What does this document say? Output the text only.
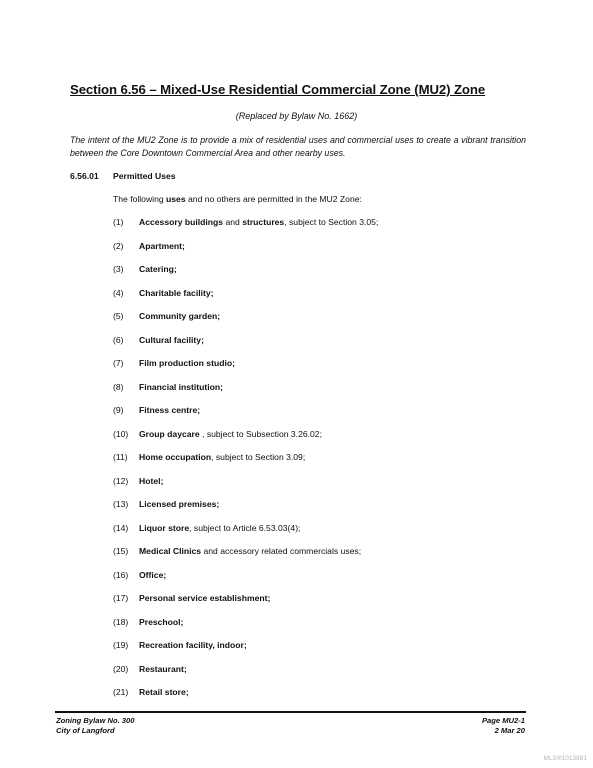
Section 6.56 – Mixed-Use Residential Commercial Zone (MU2) Zone
(Replaced by Bylaw No. 1662)
The intent of the MU2 Zone is to provide a mix of residential uses and commercial uses to create a vibrant transition between the Core Downtown Commercial Area and other nearby uses.
6.56.01 Permitted Uses
The following uses and no others are permitted in the MU2 Zone:
(1) Accessory buildings and structures, subject to Section 3.05;
(2) Apartment;
(3) Catering;
(4) Charitable facility;
(5) Community garden;
(6) Cultural facility;
(7) Film production studio;
(8) Financial institution;
(9) Fitness centre;
(10) Group daycare , subject to Subsection 3.26.02;
(11) Home occupation, subject to Section 3.09;
(12) Hotel;
(13) Licensed premises;
(14) Liquor store, subject to Article 6.53.03(4);
(15) Medical Clinics and accessory related commercials uses;
(16) Office;
(17) Personal service establishment;
(18) Preschool;
(19) Recreation facility, indoor;
(20) Restaurant;
(21) Retail store;
Zoning Bylaw No. 300
City of Langford
Page MU2-1
2 Mar 20
MLS®1013881
